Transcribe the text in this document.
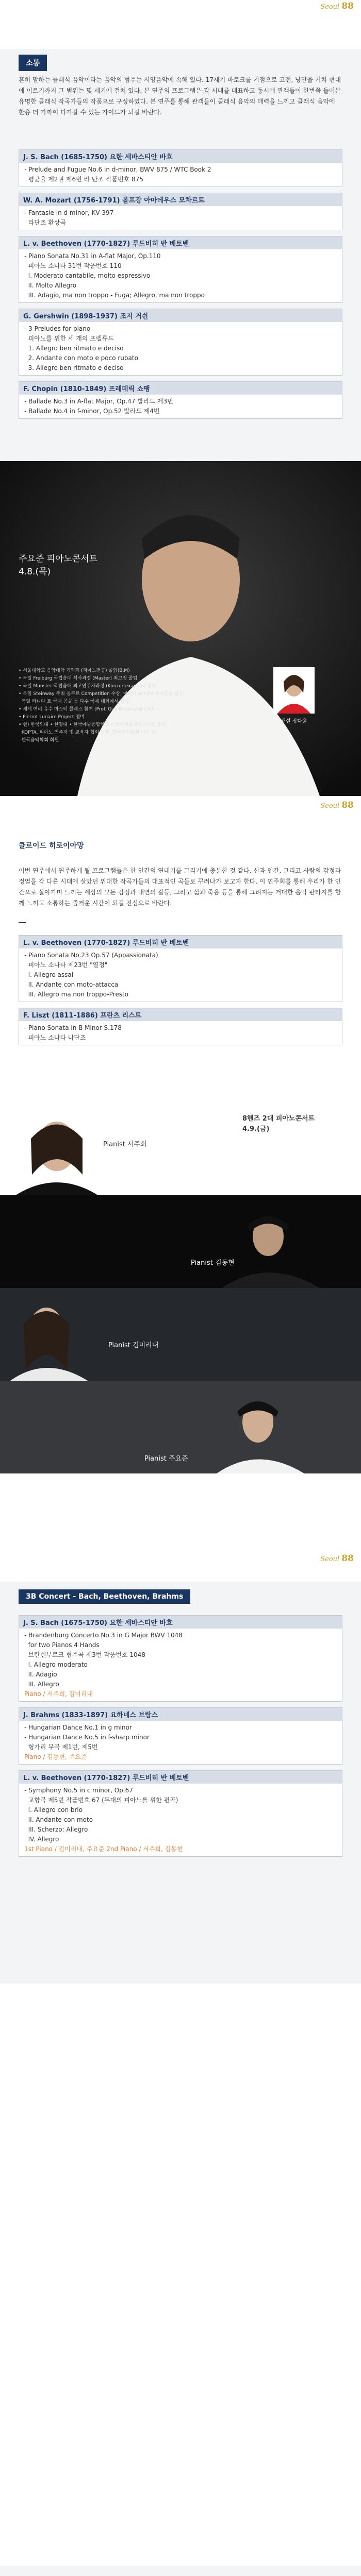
Seoul 88
소통
흔히 말하는 클래식 음악이라는 음악의 범주는 서양음악에 속해 있다. 17세기 바로크를 기점으로 고전, 낭만을 거쳐 현대에 이르기까지 그 범위는 몇 세기에 걸쳐 있다. 본 연주의 프로그램은 각 시대를 대표하고 동시에 관객들이 한번쯤 들어본 유명한 클래식 작곡가들의 작품으로 구성하였다. 본 연주를 통해 관객들이 클래식 음악의 매력을 느끼고 클래식 음악에 한층 더 가까이 다가갈 수 있는 가이드가 되길 바란다.
J. S. Bach (1685-1750) 요한 세바스티안 바흐
- Prelude and Fugue No.6 in d-minor, BWV 875 / WTC Book 2
평균율 제2권 제6번 라 단조 작품번호 875
W. A. Mozart (1756-1791) 볼프강 아마데우스 모차르트
- Fantasie in d minor, KV 397
라단조 환상곡
L. v. Beethoven (1770-1827) 루드비히 반 베토벤
- Piano Sonata No.31 in A-flat Major, Op.110
피아노 소나타 31번 작품번호 110
I. Moderato cantabile, molto espressivo
II. Molto Allegro
III. Adagio, ma non troppo - Fuga; Allegro, ma non troppo
G. Gershwin (1898-1937) 조지 거쉰
- 3 Preludes for piano
피아노를 위한 세 개의 프렐류드
1. Allegro ben ritmato e deciso
2. Andante con moto e poco rubato
3. Allegro ben ritmato e deciso
F. Chopin (1810-1849) 프레데릭 쇼팽
- Ballade No.3 in A-flat Major, Op.47 발라드 제3번
- Ballade No.4 in f-minor, Op.52 발라드 제4번
주요준 피아노콘서트
4.8.(목)
• 서울대학교 음악대학 기악과 (피아노전공) 졸업(B.M)
• 독일 Freiburg 국립음대 석사과정 (Master) 최고점 졸업
• 독일 Munster 국립음대 최고연주자과정 (Konzertexamen) 졸업
• 독일 Steinway 주최 콩쿠르 Competition 수상, 이태리 Achille 국제콩쿨 입상,
독일 라니다 트 국제 콩쿨 등 다수 국제 대회에서 입상
• 세계 여러 유수 마스터 클래스 참여 (Prof. Guy Breumstein 외)
• Pierrot Lunaire Project 멤버
• 현) 한국외대 • 한양대 • 한국예술종합학교 • 한국예술영재교육원 출강,
KOPTA, 피아노 연주자 및 교육자 협회 단원, 한국음악협회 이사 및
한국음악학회 회원
해설 장다윤
Seoul 88
클로이드 히로이아망
이번 연주에서 연주하게 될 프로그램들은 한 인간의 연대기를 그리기에 충분한 것 같다. 신과 인간, 그리고 사람의 감정과 정열을 각 다른 시대에 살았던 위대한 작곡가들의 대표적인 곡들로 꾸려나가 보고자 한다. 이 연주회를 통해 우리가 한 인간으로 살아가며 느끼는 세상의 모든 감정과 내면의 갈등, 그리고 삶과 죽음 등을 통해 그려지는 거대한 음악 판타지를 함께 느끼고 소통하는 즐거운 시간이 되길 진심으로 바란다.
L. v. Beethoven (1770-1827) 루드비히 반 베토벤
- Piano Sonata No.23 Op.57 (Appassionata)
피아노 소나타 제23번 "열정"
I. Allegro assai
II. Andante con moto-attacca
III. Allegro ma non troppo-Presto
F. Liszt (1811-1886) 프란츠 리스트
- Piano Sonata in B Minor S.178
피아노 소나타 나단조
Pianist 서주희
8핸즈 2대 피아노콘서트
4.9.(금)
Pianist 김동현
Pianist 김미리내
Pianist 주요준
Seoul 88
3B Concert - Bach, Beethoven, Brahms
J. S. Bach (1675-1750) 요한 세바스티안 바흐
- Brandenburg Concerto No.3 in G Major BWV 1048
for two Pianos 4 Hands
브란덴부르크 협주곡 제3번 작품번호 1048
I. Allegro moderato
II. Adagio
III. Allegro
Piano / 서주희, 김미리내
J. Brahms (1833-1897) 요하네스 브람스
- Hungarian Dance No.1 in g minor
- Hungarian Dance No.5 in f-sharp minor
헝가리 무곡 제1번, 제5번
Piano / 김동현, 주요준
L. v. Beethoven (1770-1827) 루드비히 반 베토벤
- Symphony No.5 in c minor, Op.67
교향곡 제5번 작품번호 67 (두대의 피아노를 위한 편곡)
I. Allegro con brio
II. Andante con moto
III. Scherzo: Allegro
IV. Allegro
1st Piano / 김미리내, 주요준 2nd Piano / 서주희, 김동현
